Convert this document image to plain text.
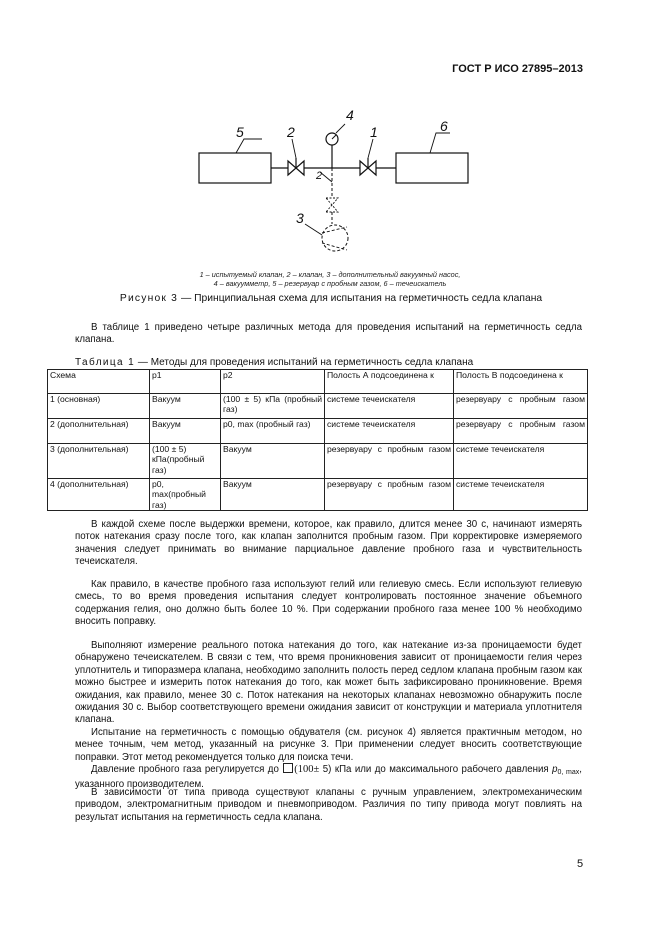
ГОСТ Р ИСО 27895–2013
5	2
4
1	6
2
3
1 – испытуемый клапан, 2 – клапан, 3 – дополнительный вакуумный насос,
4 – вакуумметр, 5 – резервуар с пробным газом, 6 – течеискатель
Рисунок 3 — Принципиальная схема для испытания на герметичность седла клапана
В таблице 1 приведено четыре различных метода для проведения испытаний на герметичность седла клапана.
Таблица 1 — Методы для проведения испытаний на герметичность седла клапана
Схема	p1	p2	Полость А подсоединена к	Полость В подсоединена к
1 (основная)	Вакуум	(100 ± 5) кПа (пробный газ)	системе течеискателя	резервуару с пробным газом
2 (дополнительная)	Вакуум	p0, max (пробный газ)	системе течеискателя	резервуару с пробным газом
3 (дополнительная)	(100 ± 5) кПа(пробный газ)	Вакуум	резервуару с пробным газом	системе течеискателя
4 (дополнительная)	p0, max(пробный газ)	Вакуум	резервуару с пробным газом	системе течеискателя
В каждой схеме после выдержки времени, которое, как правило, длится менее 30 с, начинают измерять поток натекания сразу после того, как клапан заполнится пробным газом. При корректировке измеряемого значения следует принимать во внимание парциальное давление пробного газа и чувствительность течеискателя.
Как правило, в качестве пробного газа используют гелий или гелиевую смесь. Если используют гелиевую смесь, то во время проведения испытания следует контролировать постоянное значение объемного содержания гелия, оно должно быть более 10 %. При содержании пробного газа менее 100 % необходимо вносить поправку.
Выполняют измерение реального потока натекания до того, как натекание из-за проницаемости будет обнаружено течеискателем. В связи с тем, что время проникновения зависит от проницаемости гелия через уплотнитель и типоразмера клапана, необходимо заполнить полость перед седлом клапана пробным газом как можно быстрее и измерить поток натекания до того, как может быть зафиксировано проникновение. Время ожидания, как правило, менее 30 с. Поток натекания на некоторых клапанах невозможно обнаружить после ожидания 30 с. Выбор соответствующего времени ожидания зависит от конструкции и материала уплотнителя клапана.
Испытание на герметичность с помощью обдувателя (см. рисунок 4) является практичным методом, но менее точным, чем метод, указанный на рисунке 3. При применении следует вносить соответствующие поправки. Этот метод рекомендуется только для поиска течи.
Давление пробного газа регулируется до (100± 5) кПа или до максимального рабочего давления $p_{0, max}$, указанного производителем.
В зависимости от типа привода существуют клапаны с ручным управлением, электромеханическим приводом, электромагнитным приводом и пневмоприводом. Различия по типу привода могут повлиять на результат испытания на герметичность седла клапана.
5
